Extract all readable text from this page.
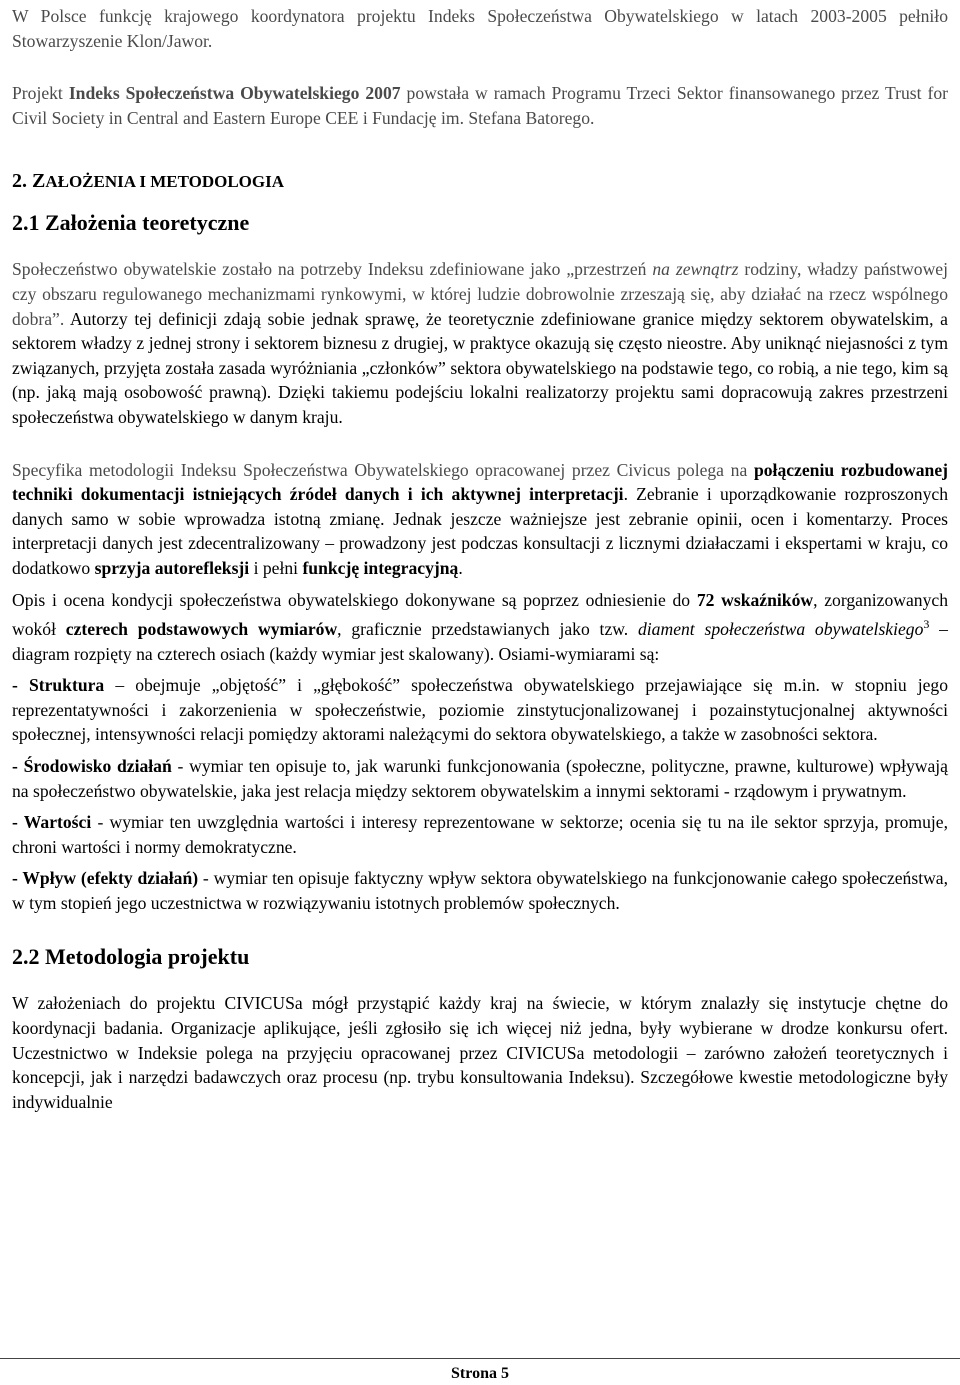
W Polsce funkcję krajowego koordynatora projektu Indeks Społeczeństwa Obywatelskiego w latach 2003-2005 pełniło Stowarzyszenie Klon/Jawor.

Projekt Indeks Społeczeństwa Obywatelskiego 2007 powstała w ramach Programu Trzeci Sektor finansowanego przez Trust for Civil Society in Central and Eastern Europe CEE i Fundację im. Stefana Batorego.

2. ZAŁOŻENIA I METODOLOGIA
2.1 Założenia teoretyczne

Społeczeństwo obywatelskie zostało na potrzeby Indeksu zdefiniowane jako „przestrzeń na zewnątrz rodziny, władzy państwowej czy obszaru regulowanego mechanizmami rynkowymi, w której ludzie dobrowolnie zrzeszają się, aby działać na rzecz wspólnego dobra”. Autorzy tej definicji zdają sobie jednak sprawę, że teoretycznie zdefiniowane granice między sektorem obywatelskim, a sektorem władzy z jednej strony i sektorem biznesu z drugiej, w praktyce okazują się często nieostre. Aby uniknąć niejasności z tym związanych, przyjęta została zasada wyróżniania „członków” sektora obywatelskiego na podstawie tego, co robią, a nie tego, kim są (np. jaką mają osobowość prawną). Dzięki takiemu podejściu lokalni realizatorzy projektu sami dopracowują zakres przestrzeni społeczeństwa obywatelskiego w danym kraju.

Specyfika metodologii Indeksu Społeczeństwa Obywatelskiego opracowanej przez Civicus polega na połączeniu rozbudowanej techniki dokumentacji istniejących źródeł danych i ich aktywnej interpretacji. Zebranie i uporządkowanie rozproszonych danych samo w sobie wprowadza istotną zmianę. Jednak jeszcze ważniejsze jest zebranie opinii, ocen i komentarzy. Proces interpretacji danych jest zdecentralizowany – prowadzony jest podczas konsultacji z licznymi działaczami i ekspertami w kraju, co dodatkowo sprzyja autorefleksji i pełni funkcję integracyjną.

Opis i ocena kondycji społeczeństwa obywatelskiego dokonywane są poprzez odniesienie do 72 wskaźników, zorganizowanych wokół czterech podstawowych wymiarów, graficznie przedstawianych jako tzw. diament społeczeństwa obywatelskiego$^3$ – diagram rozpięty na czterech osiach (każdy wymiar jest skalowany). Osiami-wymiarami są:

- Struktura – obejmuje „objętość” i „głębokość” społeczeństwa obywatelskiego przejawiające się m.in. w stopniu jego reprezentatywności i zakorzenienia w społeczeństwie, poziomie zinstytucjonalizowanej i pozainstytucjonalnej aktywności społecznej, intensywności relacji pomiędzy aktorami należącymi do sektora obywatelskiego, a także w zasobności sektora.

- Środowisko działań - wymiar ten opisuje to, jak warunki funkcjonowania (społeczne, polityczne, prawne, kulturowe) wpływają na społeczeństwo obywatelskie, jaka jest relacja między sektorem obywatelskim a innymi sektorami - rządowym i prywatnym.

- Wartości - wymiar ten uwzględnia wartości i interesy reprezentowane w sektorze; ocenia się tu na ile sektor sprzyja, promuje, chroni wartości i normy demokratyczne.

- Wpływ (efekty działań) - wymiar ten opisuje faktyczny wpływ sektora obywatelskiego na funkcjonowanie całego społeczeństwa, w tym stopień jego uczestnictwa w rozwiązywaniu istotnych problemów społecznych.

2.2 Metodologia projektu

W założeniach do projektu CIVICUSa mógł przystąpić każdy kraj na świecie, w którym znalazły się instytucje chętne do koordynacji badania. Organizacje aplikujące, jeśli zgłosiło się ich więcej niż jedna, były wybierane w drodze konkursu ofert. Uczestnictwo w Indeksie polega na przyjęciu opracowanej przez CIVICUSa metodologii – zarówno założeń teoretycznych i koncepcji, jak i narzędzi badawczych oraz procesu (np. trybu konsultowania Indeksu). Szczegółowe kwestie metodologiczne były indywidualnie

Strona 5
